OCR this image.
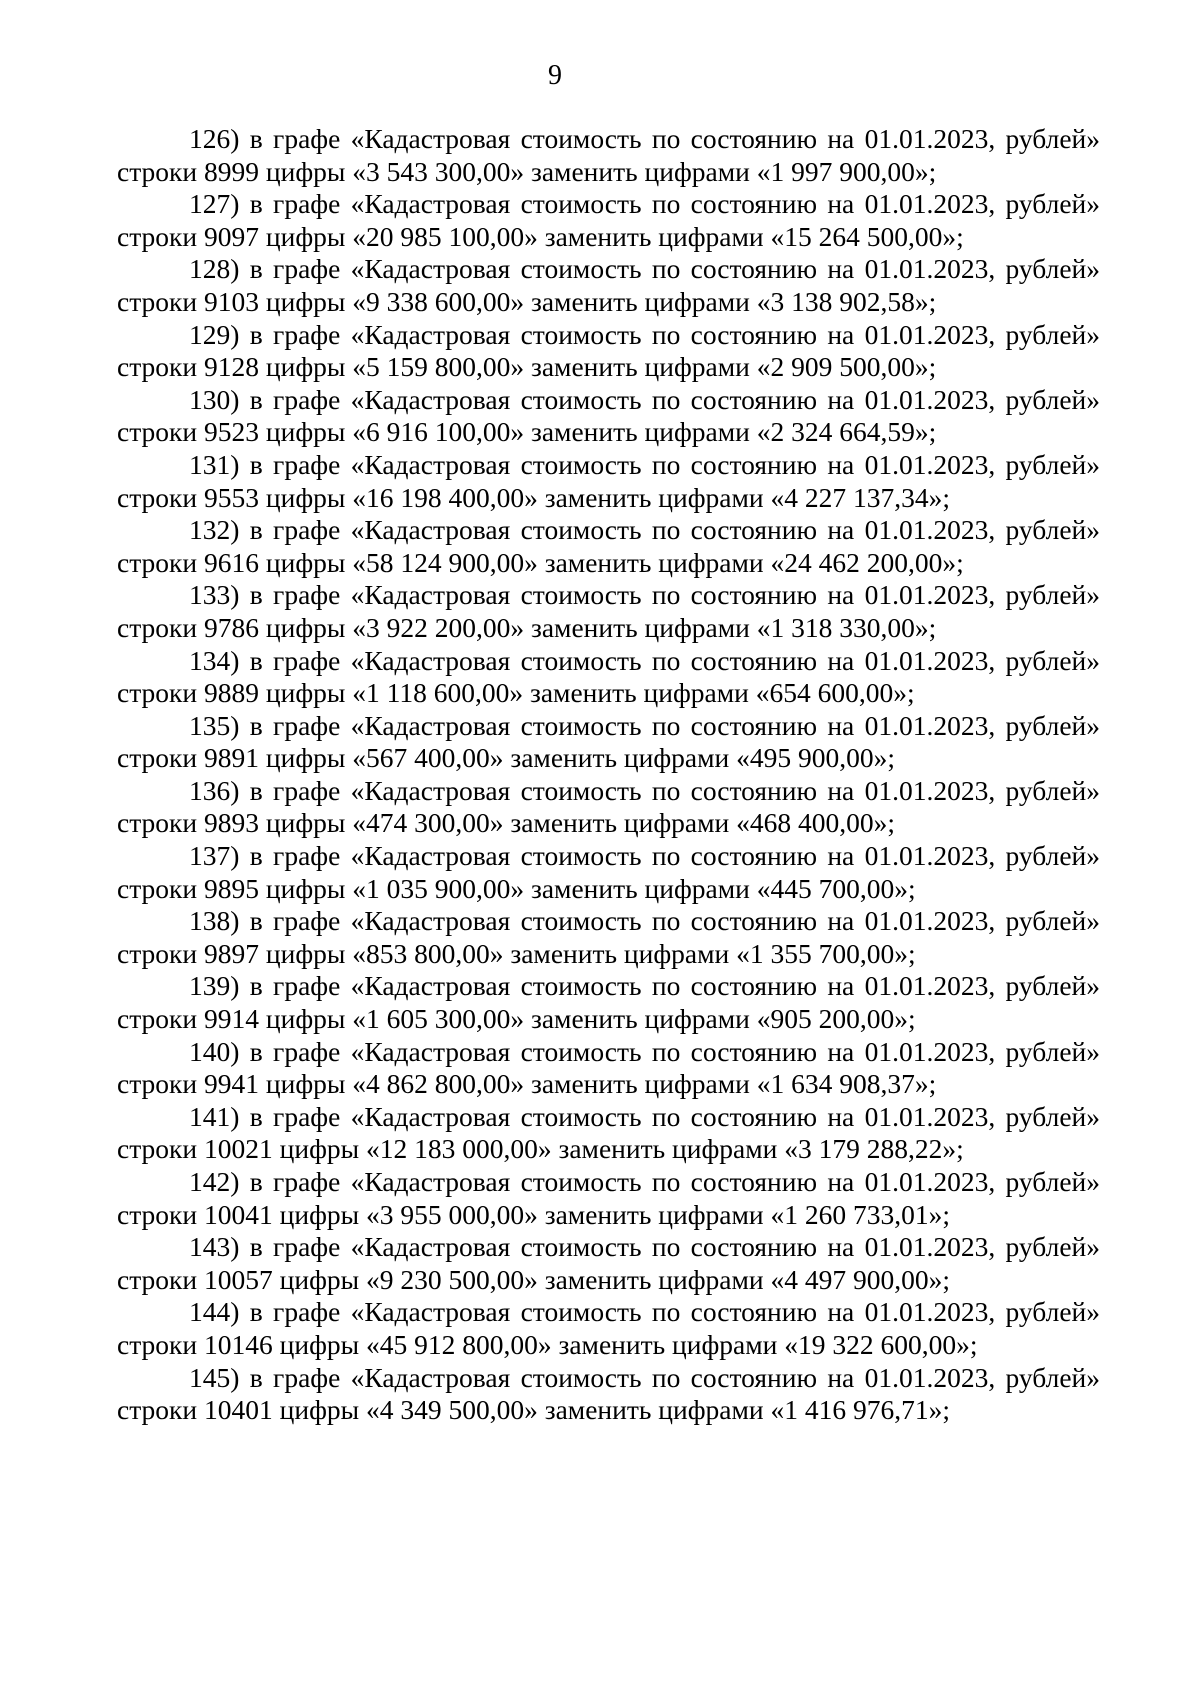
9

126) в графе «Кадастровая стоимость по состоянию на 01.01.2023, рублей» строки 8999 цифры «3 543 300,00» заменить цифрами «1 997 900,00»;

127) в графе «Кадастровая стоимость по состоянию на 01.01.2023, рублей» строки 9097 цифры «20 985 100,00» заменить цифрами «15 264 500,00»;

128) в графе «Кадастровая стоимость по состоянию на 01.01.2023, рублей» строки 9103 цифры «9 338 600,00» заменить цифрами «3 138 902,58»;

129) в графе «Кадастровая стоимость по состоянию на 01.01.2023, рублей» строки 9128 цифры «5 159 800,00» заменить цифрами «2 909 500,00»;

130) в графе «Кадастровая стоимость по состоянию на 01.01.2023, рублей» строки 9523 цифры «6 916 100,00» заменить цифрами «2 324 664,59»;

131) в графе «Кадастровая стоимость по состоянию на 01.01.2023, рублей» строки 9553 цифры «16 198 400,00» заменить цифрами «4 227 137,34»;

132) в графе «Кадастровая стоимость по состоянию на 01.01.2023, рублей» строки 9616 цифры «58 124 900,00» заменить цифрами «24 462 200,00»;

133) в графе «Кадастровая стоимость по состоянию на 01.01.2023, рублей» строки 9786 цифры «3 922 200,00» заменить цифрами «1 318 330,00»;

134) в графе «Кадастровая стоимость по состоянию на 01.01.2023, рублей» строки 9889 цифры «1 118 600,00» заменить цифрами «654 600,00»;

135) в графе «Кадастровая стоимость по состоянию на 01.01.2023, рублей» строки 9891 цифры «567 400,00» заменить цифрами «495 900,00»;

136) в графе «Кадастровая стоимость по состоянию на 01.01.2023, рублей» строки 9893 цифры «474 300,00» заменить цифрами «468 400,00»;

137) в графе «Кадастровая стоимость по состоянию на 01.01.2023, рублей» строки 9895 цифры «1 035 900,00» заменить цифрами «445 700,00»;

138) в графе «Кадастровая стоимость по состоянию на 01.01.2023, рублей» строки 9897 цифры «853 800,00» заменить цифрами «1 355 700,00»;

139) в графе «Кадастровая стоимость по состоянию на 01.01.2023, рублей» строки 9914 цифры «1 605 300,00» заменить цифрами «905 200,00»;

140) в графе «Кадастровая стоимость по состоянию на 01.01.2023, рублей» строки 9941 цифры «4 862 800,00» заменить цифрами «1 634 908,37»;

141) в графе «Кадастровая стоимость по состоянию на 01.01.2023, рублей» строки 10021 цифры «12 183 000,00» заменить цифрами «3 179 288,22»;

142) в графе «Кадастровая стоимость по состоянию на 01.01.2023, рублей» строки 10041 цифры «3 955 000,00» заменить цифрами «1 260 733,01»;

143) в графе «Кадастровая стоимость по состоянию на 01.01.2023, рублей» строки 10057 цифры «9 230 500,00» заменить цифрами «4 497 900,00»;

144) в графе «Кадастровая стоимость по состоянию на 01.01.2023, рублей» строки 10146 цифры «45 912 800,00» заменить цифрами «19 322 600,00»;

145) в графе «Кадастровая стоимость по состоянию на 01.01.2023, рублей» строки 10401 цифры «4 349 500,00» заменить цифрами «1 416 976,71»;
